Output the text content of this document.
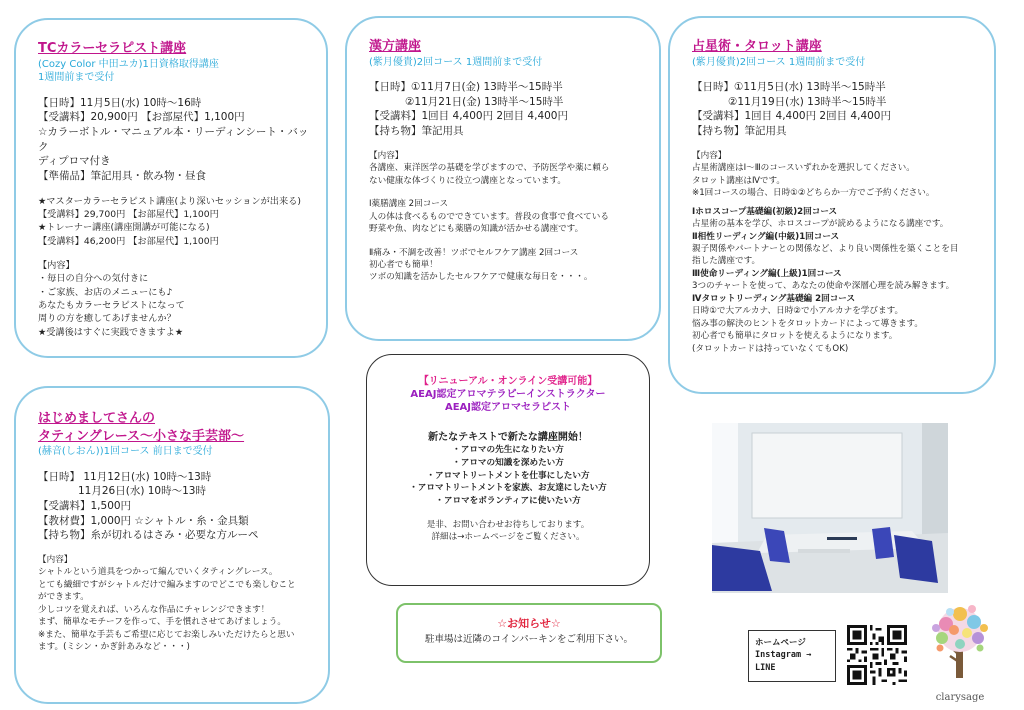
TCカラーセラピスト講座
(Cozy Color 中田ユカ)1日資格取得講座
1週間前まで受付
【日時】11月5日(水) 10時～16時
【受講料】20,900円 【お部屋代】1,100円
☆カラーボトル・マニュアル本・リーディンシート・バック
ディプロマ付き
【準備品】筆記用具・飲み物・昼食
★マスターカラーセラピスト講座(より深いセッションが出来る)
【受講料】29,700円 【お部屋代】1,100円
★トレーナー講座(講座開講が可能になる)
【受講料】46,200円 【お部屋代】1,100円
【内容】
・毎日の自分への気付きに
・ご家族、お店のメニューにも♪
あなたもカラーセラピストになって
周りの方を癒してあげませんか？
★受講後はすぐに実践できますよ★
漢方講座
(紫月優貴)2回コース 1週間前まで受付
【日時】①11月7日(金) 13時半～15時半
②11月21日(金) 13時半～15時半
【受講料】1回目 4,400円 2回目 4,400円
【持ち物】筆記用具
【内容】
各講座、東洋医学の基礎を学びますので、予防医学や薬に頼ら
ない健康な体づくりに役立つ講座となっています。
Ⅰ薬膳講座 2回コース
人の体は食べるものでできています。普段の食事で食べている
野菜や魚、肉などにも薬膳の知識が活かせる講座です。
Ⅱ痛み・不調を改善！ツボでセルフケア講座 2回コース
初心者でも簡単！
ツボの知識を活かしたセルフケアで健康な毎日を・・・。
占星術・タロット講座
(紫月優貴)2回コース 1週間前まで受付
【日時】①11月5日(水) 13時半～15時半
②11月19日(水) 13時半～15時半
【受講料】1回目 4,400円 2回目 4,400円
【持ち物】筆記用具
【内容】
占星術講座はⅠ～Ⅲのコースいずれかを選択してください。
タロット講座はⅣです。
※1回コースの場合、日時①②どちらか一方でご予約ください。
Ⅰホロスコープ基礎編(初級)2回コース
占星術の基本を学び、ホロスコープが読めるようになる講座です。
Ⅱ相性リーディング編(中級)1回コース
親子関係やパートナーとの関係など、より良い関係性を築くことを目
指した講座です。
Ⅲ使命リーディング編(上級)1回コース
3つのチャートを使って、あなたの使命や深層心理を読み解きます。
Ⅳタロットリーディング基礎編 2回コース
日時①で大アルカナ、日時②で小アルカナを学びます。
悩み事の解決のヒントをタロットカードによって導きます。
初心者でも簡単にタロットを使えるようになります。
(タロットカードは持っていなくてもOK)
はじめましてさんの
タティングレース～小さな手芸部～
(赫音(しおん))1回コース 前日まで受付
【日時】 11月12日(水) 10時～13時
11月26日(水) 10時～13時
【受講料】1,500円
【教材費】1,000円 ☆シャトル・糸・金具類
【持ち物】糸が切れるはさみ・必要な方ルーペ
【内容】
シャトルという道具をつかって編んでいくタティングレース。
とても繊細ですがシャトルだけで編みますのでどこでも楽しむこと
ができます。
少しコツを覚えれば、いろんな作品にチャレンジできます！
まず、簡単なモチーフを作って、手を慣れさせてあげましょう。
※また、簡単な手芸もご希望に応じてお楽しみいただけたらと思い
ます。(ミシン・かぎ針あみなど・・・)
【リニューアル・オンライン受講可能】
AEAJ認定アロマテラピーインストラクター
AEAJ認定アロマセラピスト
新たなテキストで新たな講座開始！
・アロマの先生になりたい方
・アロマの知識を深めたい方
・アロマトリートメントを仕事にしたい方
・アロマトリートメントを家族、お友達にしたい方
・アロマをボランティアに使いたい方
是非、お問い合わせお待ちしております。
詳細は→ホームページをご覧ください。
☆お知らせ☆
駐車場は近隣のコインパーキンをご利用下さい。	ホームページ
Instagram →
LINE
clarysage
